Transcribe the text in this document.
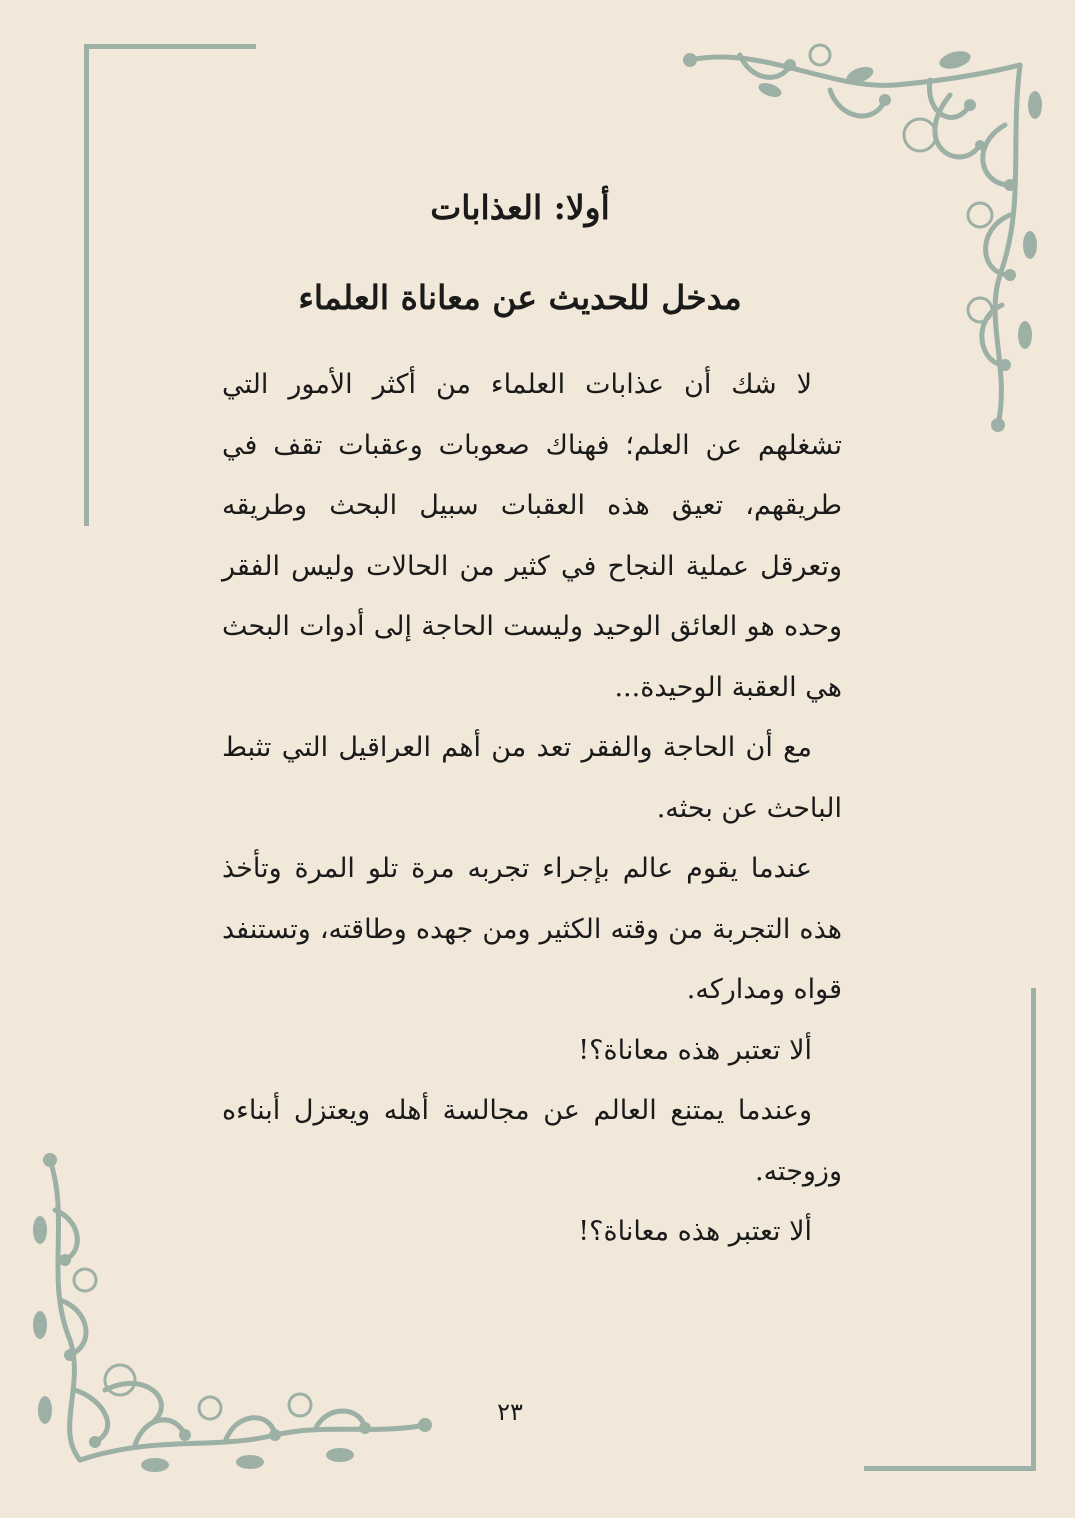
أولا: العذابات
مدخل للحديث عن معاناة العلماء

لا شك أن عذابات العلماء من أكثر الأمور التي تشغلهم عن العلم؛ فهناك صعوبات وعقبات تقف في طريقهم، تعيق هذه العقبات سبيل البحث وطريقه وتعرقل عملية النجاح في كثير من الحالات وليس الفقر وحده هو العائق الوحيد وليست الحاجة إلى أدوات البحث هي العقبة الوحيدة...

مع أن الحاجة والفقر تعد من أهم العراقيل التي تثبط الباحث عن بحثه.

عندما يقوم عالم بإجراء تجربه مرة تلو المرة وتأخذ هذه التجربة من وقته الكثير ومن جهده وطاقته، وتستنفد قواه ومداركه.

ألا تعتبر هذه معاناة؟!

وعندما يمتنع العالم عن مجالسة أهله ويعتزل أبناءه وزوجته.

ألا تعتبر هذه معاناة؟!

٢٣
